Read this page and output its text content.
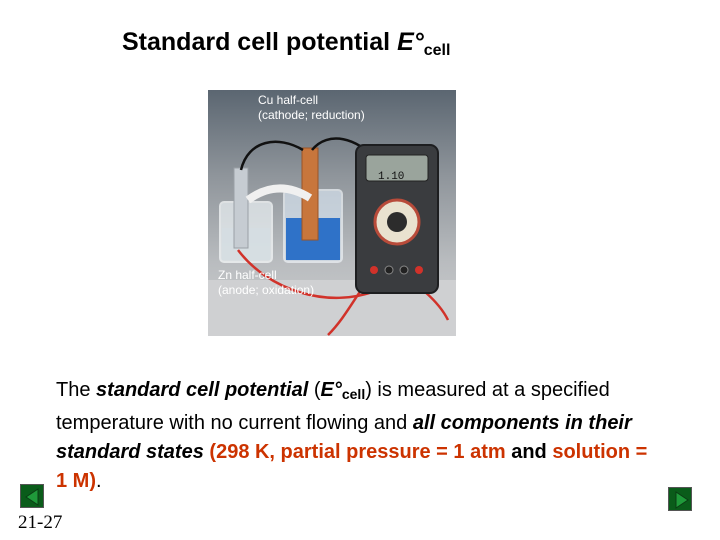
Standard cell potential $E^\circ_{cell}$
1.10
Cu half-cell
(cathode; reduction)
Zn half-cell
(anode; oxidation)
The standard cell potential $(E^\circ_{cell})$ is measured at a specified temperature with no current flowing and all components in their standard states (298 K, partial pressure = 1 atm and solution = 1 M).
21-27
